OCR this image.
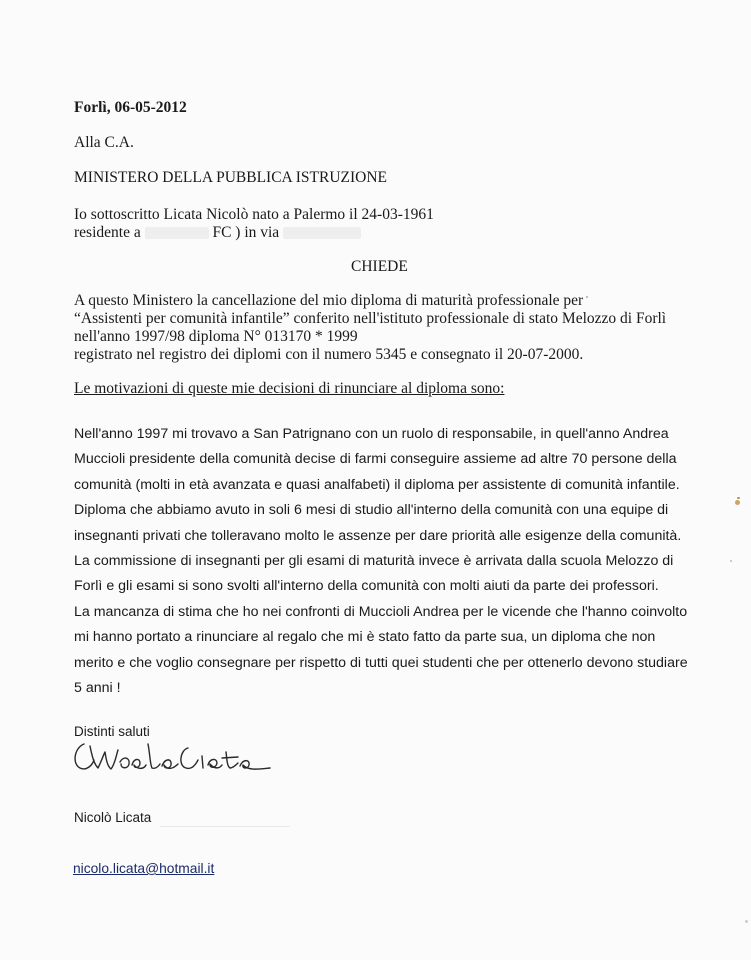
Forlì, 06-05-2012
Alla C.A.
MINISTERO DELLA PUBBLICA ISTRUZIONE
Io sottoscritto Licata Nicolò nato a Palermo il 24-03-1961
residente a	FC ) in via
CHIEDE
A questo Ministero la cancellazione del mio diploma di maturità professionale per
“Assistenti per comunità infantile” conferito nell'istituto professionale di stato Melozzo di Forlì
nell'anno 1997/98 diploma N° 013170 * 1999
registrato nel registro dei diplomi con il numero 5345 e consegnato il 20-07-2000.
Le motivazioni di queste mie decisioni di rinunciare al diploma sono:
Nell'anno 1997 mi trovavo a San Patrignano con un ruolo di responsabile, in quell'anno Andrea
Muccioli presidente della comunità decise di farmi conseguire assieme ad altre 70 persone della
comunità (molti in età avanzata e quasi analfabeti) il diploma per assistente di comunità infantile.
Diploma che abbiamo avuto in soli 6 mesi di studio all'interno della comunità con una equipe di
insegnanti privati che tolleravano molto le assenze per dare priorità alle esigenze della comunità.
La commissione di insegnanti per gli esami di maturità invece è arrivata dalla scuola Melozzo di
Forlì e gli esami si sono svolti all'interno della comunità con molti aiuti da parte dei professori.
La mancanza di stima che ho nei confronti di Muccioli Andrea per le vicende che l'hanno coinvolto
mi hanno portato a rinunciare al regalo che mi è stato fatto da parte sua, un diploma che non
merito e che voglio consegnare per rispetto di tutti quei studenti che per ottenerlo devono studiare
5 anni !
Distinti saluti
Nicolò Licata
nicolo.licata@hotmail.it
